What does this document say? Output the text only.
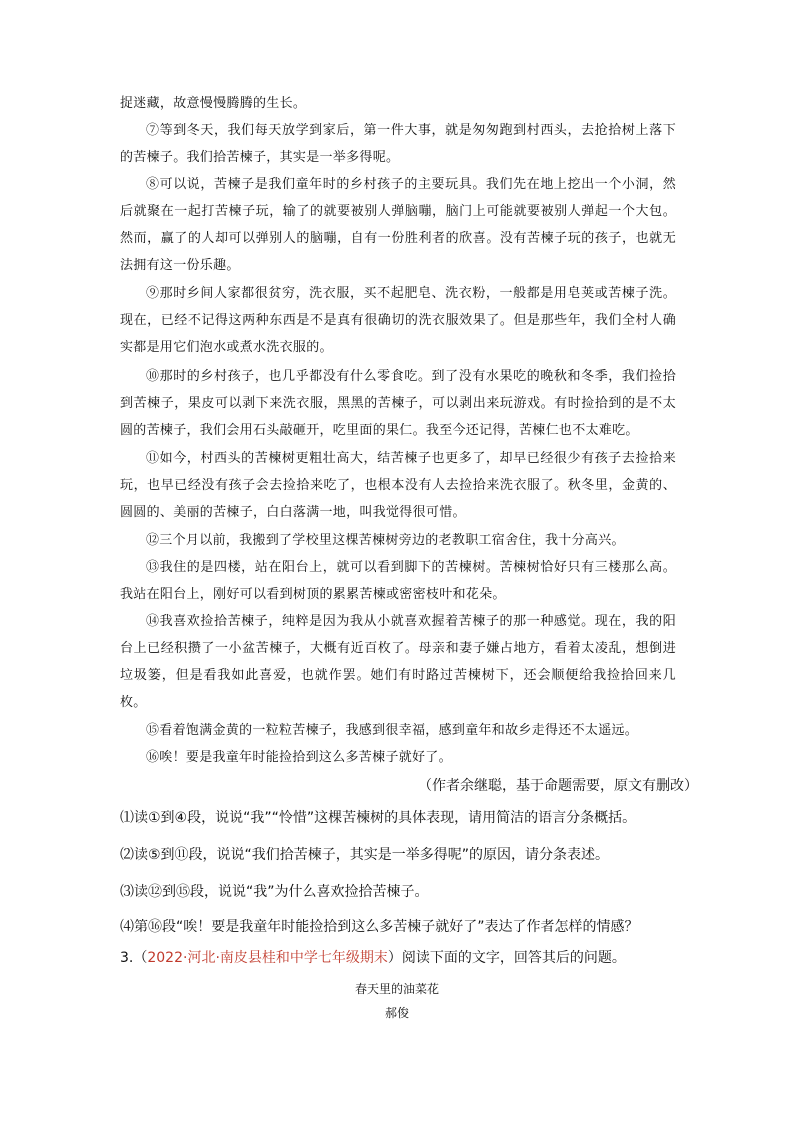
捉迷藏，故意慢慢腾腾的生长。

⑦等到冬天，我们每天放学到家后，第一件大事，就是匆匆跑到村西头，去抢拾树上落下的苦楝子。我们拾苦楝子，其实是一举多得呢。

⑧可以说，苦楝子是我们童年时的乡村孩子的主要玩具。我们先在地上挖出一个小洞，然后就聚在一起打苦楝子玩，输了的就要被别人弹脑嘣，脑门上可能就要被别人弹起一个大包。然而，赢了的人却可以弹别人的脑嘣，自有一份胜利者的欣喜。没有苦楝子玩的孩子，也就无法拥有这一份乐趣。

⑨那时乡间人家都很贫穷，洗衣服，买不起肥皂、洗衣粉，一般都是用皂荚或苦楝子洗。现在，已经不记得这两种东西是不是真有很确切的洗衣服效果了。但是那些年，我们全村人确实都是用它们泡水或煮水洗衣服的。

⑩那时的乡村孩子，也几乎都没有什么零食吃。到了没有水果吃的晚秋和冬季，我们捡拾到苦楝子，果皮可以剥下来洗衣服，黑黑的苦楝子，可以剥出来玩游戏。有时捡拾到的是不太圆的苦楝子，我们会用石头敲砸开，吃里面的果仁。我至今还记得，苦楝仁也不太难吃。

⑪如今，村西头的苦楝树更粗壮高大，结苦楝子也更多了，却早已经很少有孩子去捡拾来玩，也早已经没有孩子会去捡拾来吃了，也根本没有人去捡拾来洗衣服了。秋冬里，金黄的、圆圆的、美丽的苦楝子，白白落满一地，叫我觉得很可惜。

⑫三个月以前，我搬到了学校里这棵苦楝树旁边的老教职工宿舍住，我十分高兴。

⑬我住的是四楼，站在阳台上，就可以看到脚下的苦楝树。苦楝树恰好只有三楼那么高。我站在阳台上，刚好可以看到树顶的累累苦楝或密密枝叶和花朵。

⑭我喜欢捡拾苦楝子，纯粹是因为我从小就喜欢握着苦楝子的那一种感觉。现在，我的阳台上已经积攒了一小盆苦楝子，大概有近百枚了。母亲和妻子嫌占地方，看着太凌乱，想倒进垃圾篓，但是看我如此喜爱，也就作罢。她们有时路过苦楝树下，还会顺便给我捡拾回来几枚。

⑮看着饱满金黄的一粒粒苦楝子，我感到很幸福，感到童年和故乡走得还不太遥远。

⑯唉！要是我童年时能捡拾到这么多苦楝子就好了。

（作者余继聪，基于命题需要，原文有删改）
⑴读①到④段，说说“我”“怜惜”这棵苦楝树的具体表现，请用简洁的语言分条概括。
⑵读⑤到⑪段，说说“我们拾苦楝子，其实是一举多得呢”的原因，请分条表述。
⑶读⑫到⑮段，说说“我”为什么喜欢捡拾苦楝子。
⑷第⑯段“唉！要是我童年时能捡拾到这么多苦楝子就好了”表达了作者怎样的情感？
3.（2022·河北·南皮县桂和中学七年级期末）阅读下面的文字，回答其后的问题。
春天里的油菜花
郝俊
